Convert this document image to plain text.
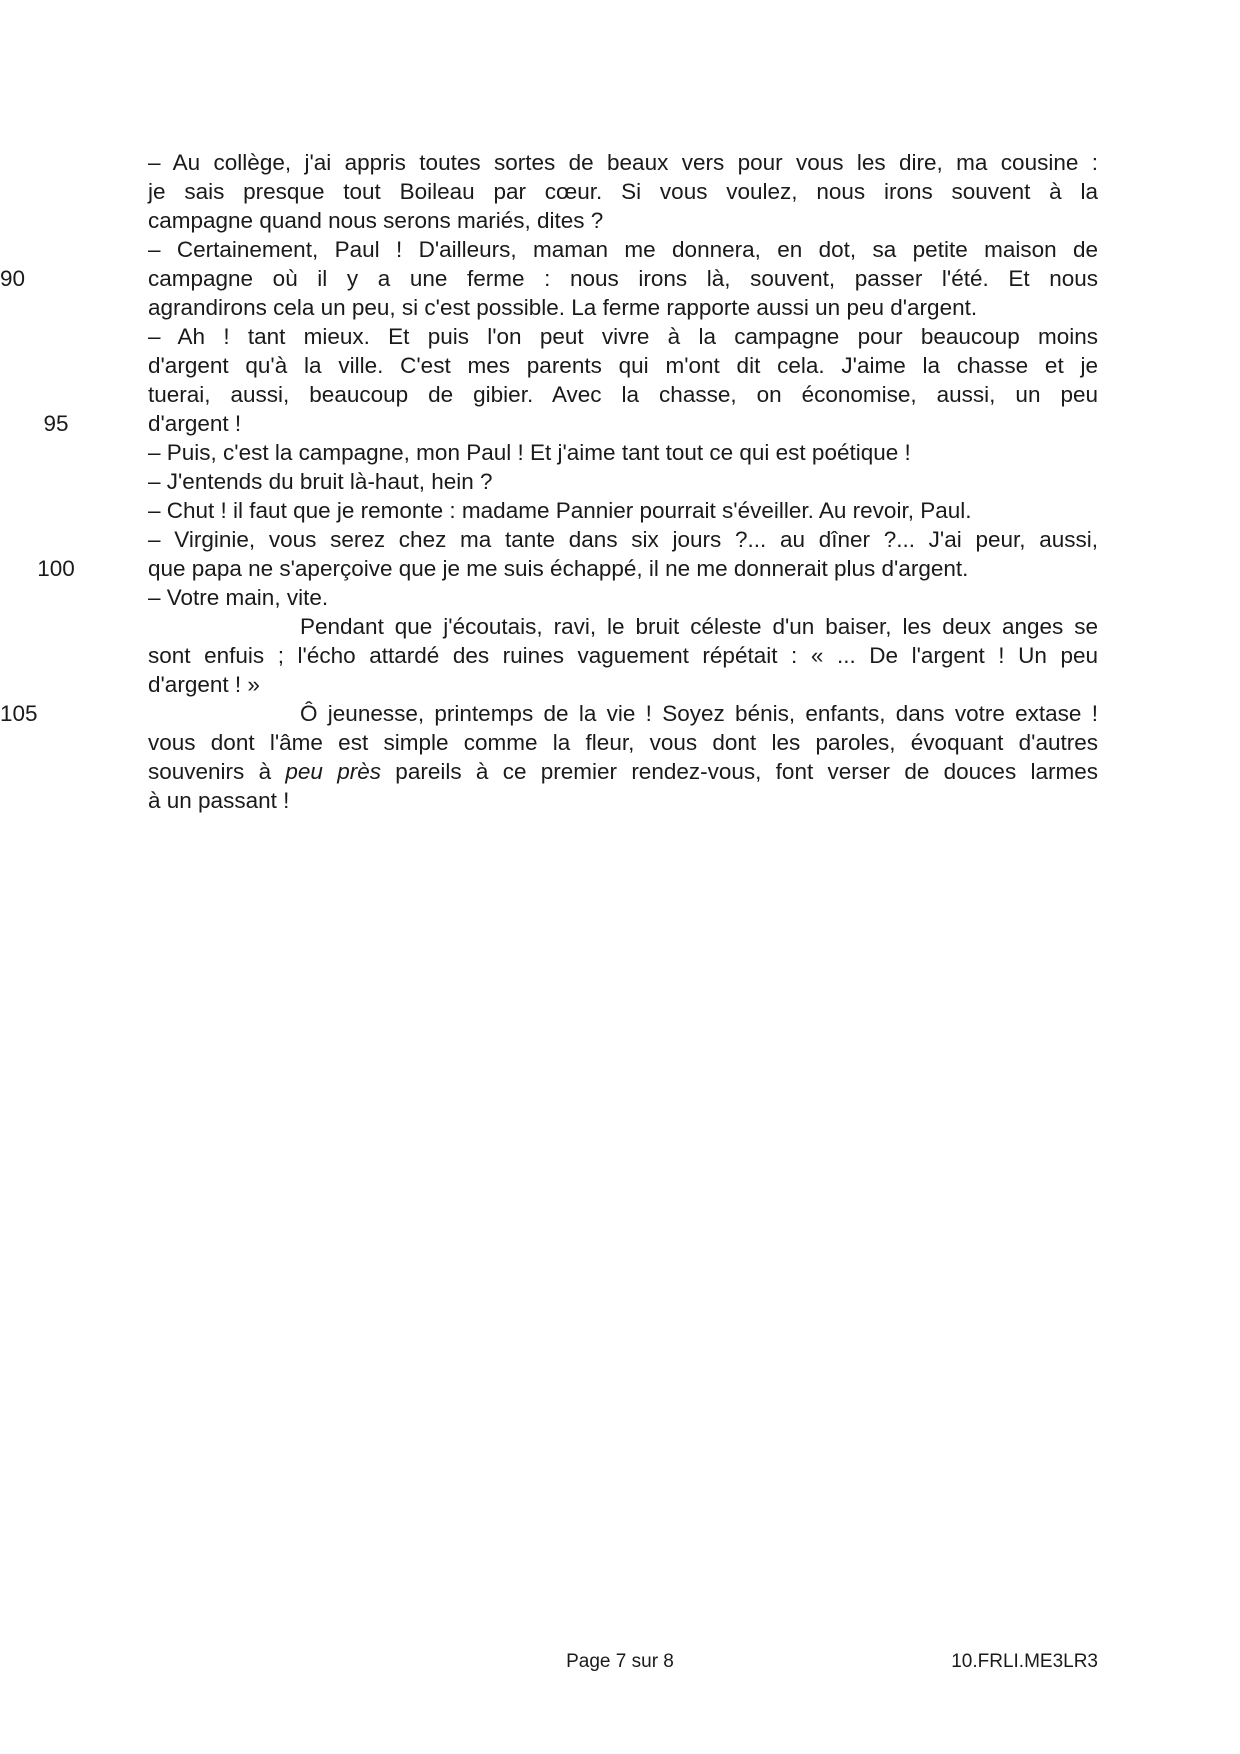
– Au collège, j'ai appris toutes sortes de beaux vers pour vous les dire, ma cousine :
je sais presque tout Boileau par cœur. Si vous voulez, nous irons souvent à la
campagne quand nous serons mariés, dites ?
– Certainement, Paul ! D'ailleurs, maman me donnera, en dot, sa petite maison de
90	campagne où il y a une ferme : nous irons là, souvent, passer l'été. Et nous
agrandirons cela un peu, si c'est possible. La ferme rapporte aussi un peu d'argent.
– Ah ! tant mieux. Et puis l'on peut vivre à la campagne pour beaucoup moins
d'argent qu'à la ville. C'est mes parents qui m'ont dit cela. J'aime la chasse et je
tuerai, aussi, beaucoup de gibier. Avec la chasse, on économise, aussi, un peu
95	d'argent !
– Puis, c'est la campagne, mon Paul ! Et j'aime tant tout ce qui est poétique !
– J'entends du bruit là-haut, hein ?
– Chut ! il faut que je remonte : madame Pannier pourrait s'éveiller. Au revoir, Paul.
– Virginie, vous serez chez ma tante dans six jours ?... au dîner ?... J'ai peur, aussi,
100	que papa ne s'aperçoive que je me suis échappé, il ne me donnerait plus d'argent.
– Votre main, vite.
Pendant que j'écoutais, ravi, le bruit céleste d'un baiser, les deux anges se
sont enfuis ; l'écho attardé des ruines vaguement répétait : « ... De l'argent ! Un peu
d'argent ! »
105	Ô jeunesse, printemps de la vie ! Soyez bénis, enfants, dans votre extase !
vous dont l'âme est simple comme la fleur, vous dont les paroles, évoquant d'autres
souvenirs à peu près pareils à ce premier rendez-vous, font verser de douces larmes
à un passant !
Page 7 sur 8	10.FRLI.ME3LR3
